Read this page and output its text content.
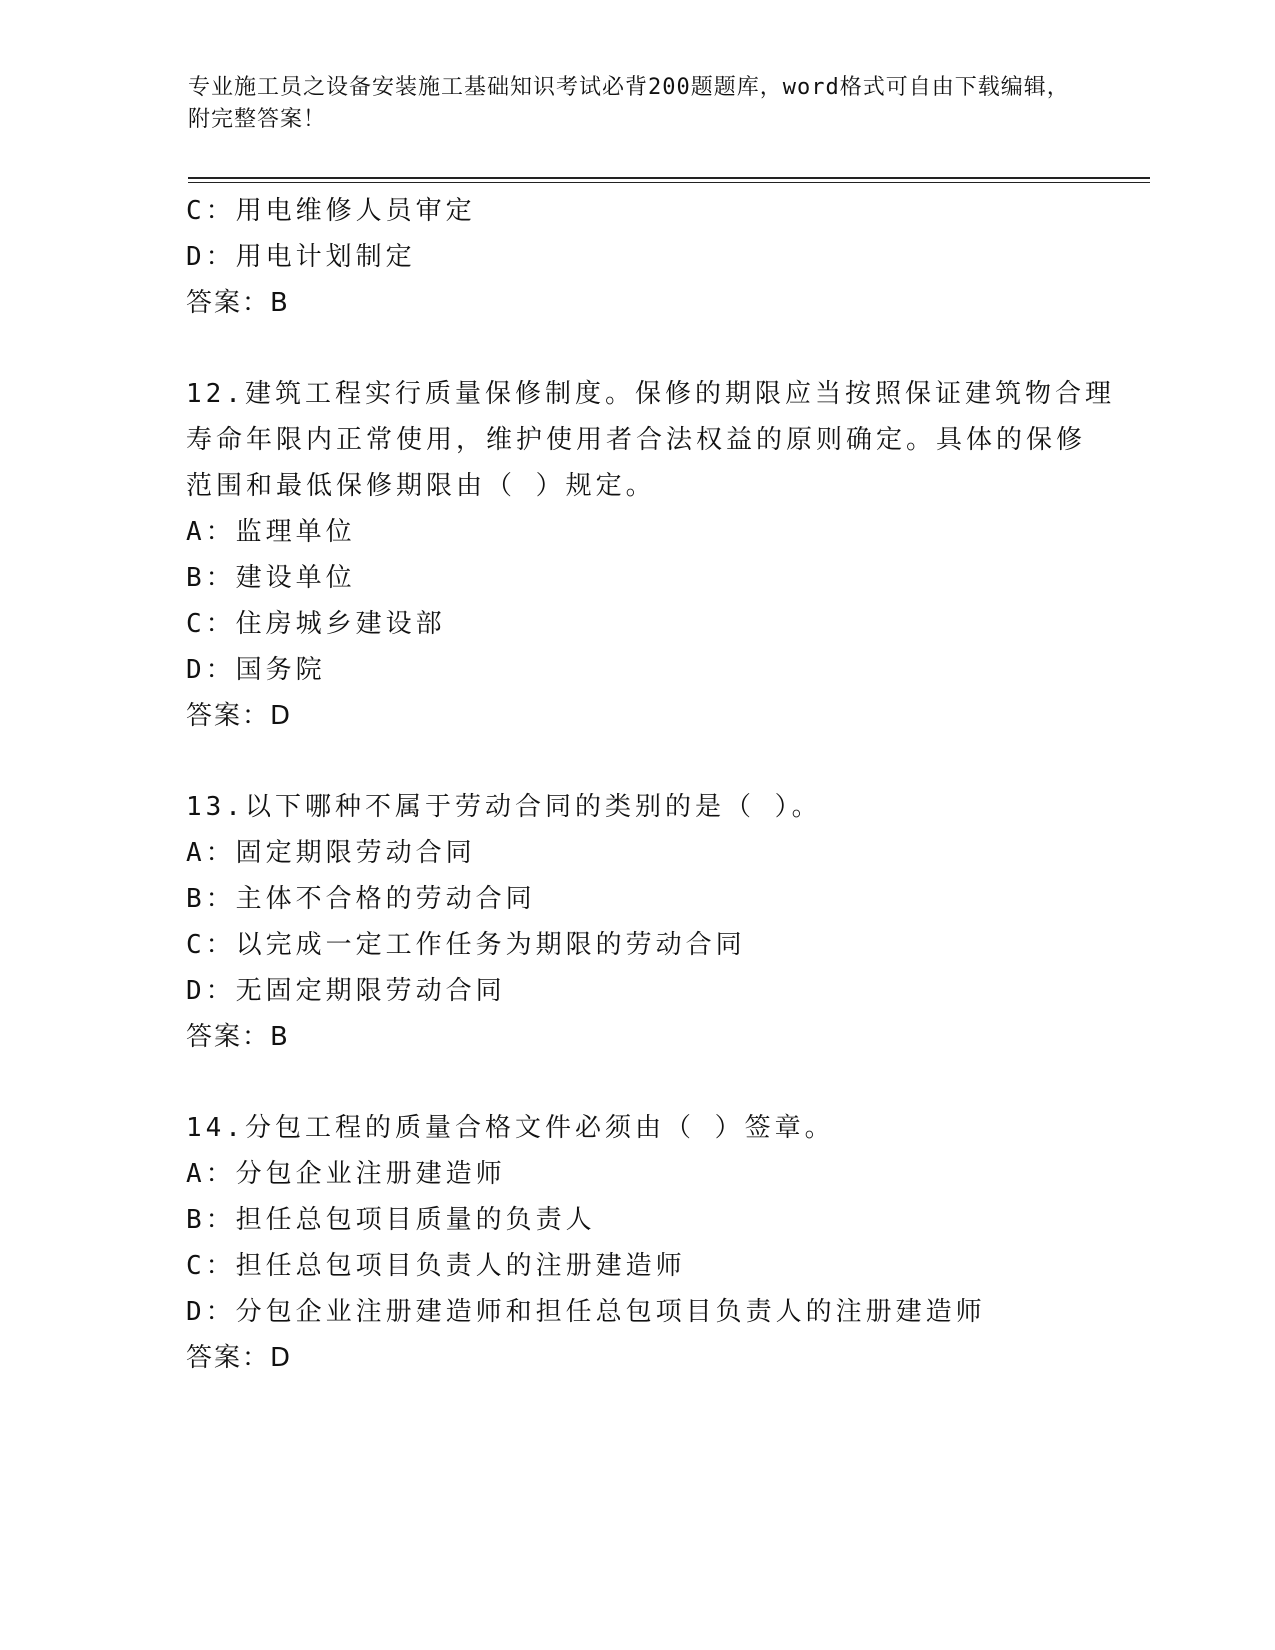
专业施工员之设备安装施工基础知识考试必背200题题库，word格式可自由下载编辑，附完整答案！
C：用电维修人员审定
D：用电计划制定
答案：B
12.建筑工程实行质量保修制度。保修的期限应当按照保证建筑物合理
寿命年限内正常使用，维护使用者合法权益的原则确定。具体的保修
范围和最低保修期限由（ ）规定。
A：监理单位
B：建设单位
C：住房城乡建设部
D：国务院
答案：D
13.以下哪种不属于劳动合同的类别的是（ ）。
A：固定期限劳动合同
B：主体不合格的劳动合同
C：以完成一定工作任务为期限的劳动合同
D：无固定期限劳动合同
答案：B
14.分包工程的质量合格文件必须由（ ）签章。
A：分包企业注册建造师
B：担任总包项目质量的负责人
C：担任总包项目负责人的注册建造师
D：分包企业注册建造师和担任总包项目负责人的注册建造师
答案：D
